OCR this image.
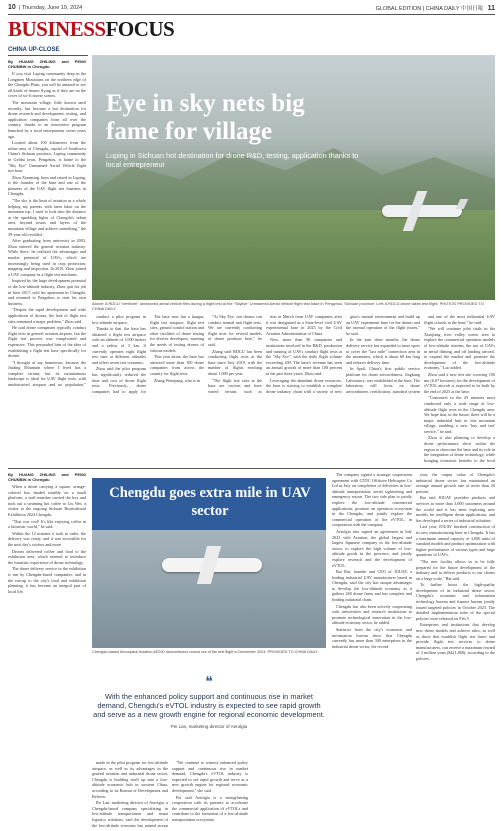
10 | Thursday, June 19, 2024	GLOBAL EDITION | CHINA DAILY 中国日報 11
BUSINESSFOCUS
CHINA UP-CLOSE
By HUANG ZHILING and PENG CHUNBIN in Chengdu

If you visit Luping community deep in the Longmen Mountains on the northern edge of the Chengdu Plain, you will be amazed to see all kinds of drones flying as if they are on the cover of sci-fi movie scenes.

The mountain village, little known until recently, has become a hot destination for drone research and development, testing, and application companies from all over the country, thanks to an innovative program launched by a local entrepreneur seven years ago.

Located about 100 kilometers from the urban area of Chengdu, capital of Southwest China's Sichuan province, Luping community in Gelina town, Pengzhou, is home to the "Sky Eye" Unmanned Aerial Vehicle flight test base.

Zhou Xiaoming, born and raised in Luping, is the founder of the base and one of the pioneers of the UAV flight test business in Chengdu.

"The sky is the limit of aviation as a whole helping my parents with farm labor on the mountain top, I used to look into the distance at the sparkling lights of Chengdu's urban area, beyond towns and layers of the mountain village and achieve something," the 39-year-old recalled.

After graduating from university in 2003, Zhou entered the general aviation industry. While there, he realized the advantages and market potential of UAVs, which are increasingly being used in crop protection, mapping and inspection. In 2010, Zhou joined a UAV company as a flight test mechanic.

Inspired by the huge development potential of the low-altitude industry, Zhou quit his job in June 2017, sold his apartment in Chengdu, and returned to Pengzhou to start his own business.

"Despite the rapid development and wide applications of drones, the lack of flight test sites remained a major problem," Zhou said.

He said drone companies typically conduct flight tests in general aviation airports, but the flight test process was complicated and expensive. This persuaded him of the idea of establishing a flight test base specifically for drones.

"I thought of my hometown, because the Jiuding Mountain where I lived has a complete terrain, but its mountainous landscape is ideal for UAV flight tests, with unobstructed airspace and no population,"

Eye in sky nets big fame for village
Luping in Sichuan hot destination for drone R&D, testing, application thanks to local entrepreneur
Above: A RDCU "vertiform" unmanned aerial vehicle flies during a flight test at the "Skylive" Unmanned Aerial Vehicle flight test base in Pengzhou, Sichuan province. Left: A RDCU drone takes test flight. PHOTOS PROVIDED TO CHINA DAILY

conduct a pilot program in low-altitude airspace.

Thanks to that, the base has obtained a flight test airspace with an altitude of 1,000 meters and a radius of 3 km. It currently operates eight flight test sites at different altitudes and offers seven test scenarios.

Zhou said the pilot program has significantly reduced the time and cost of drone flight tests. Previously, drone companies had to apply for

The base now has a hangar, flight test airspace, flight test sites, ground control station and other facilities of drone testing for diverse developers, meeting the needs of testing drones of various models.

This year alone, the base has attracted more than 100 drone companies from across the country for flight tests.

Zhang Wenqiang, who is in

"At Sky Eye, our drones can conduct normal and flight tests. We are currently conducting flight tests for several models of drone products here," he said.

Zhang said RDCU has been conducting flight tests at the base since July 2019, with the number of flights reaching about 1,000 per year.

"The flight test sites at the base are various and have varied terrain, such as

tion in March from UAV companies after it was designated as a State-level civil UAV experimental base in 2023 by the Civil Aviation Administration of China.

Now, more than 90 companies and institutions involved in the R&D, production and training of UAVs conduct flight tests at the "Sky Eye", with the daily flight volume exceeding 200. The base's revenue has seen an annual growth of more than 100 percent in the past three years, Zhou said.

Leveraging the abundant drone resources, the base is striving to establish a complete drone industry chain with a variety of new

gion's natural environment and build up an UAV experiment base for the drones and the normal operation of the flight routes," he said.

In the past three months, the drone delivery service has expanded to more spots to cover the "last mile" connection area in the mountains, which is about 60 km long and reduces delivery time.

In April, China's first public service platform for drone airworthiness, Jingkang Laboratory, was established at the base. The laboratory will focus on drone airworthiness certification, standard system

and one of the most influential UAV flight schools at the base," he said.

"We will continue pilot trials in the Xiaojiang river valley scenic area to explore the commercial operation models of low-altitude tourism, the use of UAVs in aerial filming, and off landing aircraft, to expand the market and promote the development of the low-altitude economy," Luo added.

Zhou said a new test site covering 100 mu (6.67 hectares) for the development of eVTOL aircraft is expected to be built by the end of 2025 at the base.

"Customers in the 45 minutes most conducted only a wide range of low-altitude flight tests in the Chengdu area. We hope that, in the future, there will be a major industrial hub in this mountain village, enabling a new 'buy and test' service," he said.

Zhou is also planning to develop a drone performance show within the region to showcase the base and its role in the integration of drone technology, while bringing economic benefits to the local

By HUANG ZHILING and PENG CHUNBIN in Chengdu

When a drone carrying a square, orange-colored box landed steadily on a small platform, a staff member carried the box and took out a steaming hot coffee to Liu Wei, a visitor to the ongoing Sichuan Horticultural Exhibition 2024 Chengdu.

"That was cool! It's like enjoying coffee in a futuristic world," he said.

Within the 12 minutes it took to order, the delivery was ready, and it was accessible for the next day's visitors and more.

Drones delivered coffee and food to the exhibition area, which seemed to introduce the futuristic experience of drone technology.

The drone delivery service in the exhibition is run by Chengdu-based companies, and in the run-up to the city's food and exhibition planning, it has become an integral part of local life.

Chengdu goes extra mile in UAV sector
Chengdu-based Aerospace Aviation AE200 demonstrator comes out of the test flight in December 2024. PROVIDED TO CHINA DAILY
❝
With the enhanced policy support and continuous rise in market demand, Chengdu's eVTOL industry is expected to see rapid growth and serve as a new growth engine for regional economic development.
Pei Lan, marketing director of Aerolgia

made in the pilot program for low-altitude airspace, as well as its advantages in the general aviation and industrial drone sector, Chengdu is building itself up into a low-altitude economic hub in western China, according to its Bureau of Development and Reform.

Pei Lan, marketing director of Aerolgia, a Chengdu-based company specializing in low-altitude transportation and smart logistics solutions, said the development of the low-altitude economy has gained strong

"We continue to witness enhanced policy support and continuous rise in market demand, Chengdu's eVTOL industry is expected to see rapid growth and serve as a new growth engine for regional economic development," she said.

Pei said Aerolgia is a strengthening cooperation with its partners to accelerate the commercial application of eVTOLs and contribute to the formation of a low-altitude transportation ecosystem.

The company signed a strategic cooperation agreement with CITIC Offshore Helicopter Co Ltd in July on completion of deliveries in low-altitude transportation, aerial sightseeing and emergency rescue. The two side plan to jointly explore the low-altitude commercial applications, promote an operation ecosystem in the Chengdu, and jointly explore the commercial operation of the eVTOL, in cooperation with the company.

Aerolgia also signed an agreement in July 2023 with Aviation, the global largest and largest Japanese company in the low-altitude sector, to explore the high volume of low-altitude goods in the province, and jointly explore research and the development of eVTOL.

Bai Rui, founder and CEO of JOUAV, a leading industrial UAV manufacturer based in Chengdu, said the city has unique advantages to develop the low-altitude economy as it gathers 260 drone firms and has complete and leading industrial chain.

Chengdu has also been actively cooperating with universities and research institutions to promote technological innovation in the low-altitude economy sector, he added.

Statistics from the city's economic and information bureau show that Chengdu currently has more than 300 enterprises in the industrial drone sector, the record

year, the output value of Chengdu's industrial drone sector has maintained an average annual growth rate of more than 20 percent.

Bai said JOUAV provides products and services to more than 3,000 customers around the world and it has been exploring new models for intelligent drone applications, and has developed a series of industrial solutions.

Last year, JOUAV finished construction of its new manufacturing base in Chengdu. It has a maximum annual capacity of 3,000 units of standard models and product optimization with higher performance of various types and large quantities of UAVs.

"The new facility allows us to be fully prepared for the future development of the industry and to deliver products to our clients on a large scale," Bai said.

To further boost the high-quality development of its industrial drone sector, Chengdu's economic and information technology bureau and finance bureau jointly issued targeted policies in October 2023. The detailed implementation rules of the special policies were released on Feb 5.

Enterprises and institutions that develop new drone models and achieve sales, as well as those that establish flight test bases and provide flight test services to drone manufacturers, can receive a maximum reward of 3 million yuan ($421,800), according to the policies.
